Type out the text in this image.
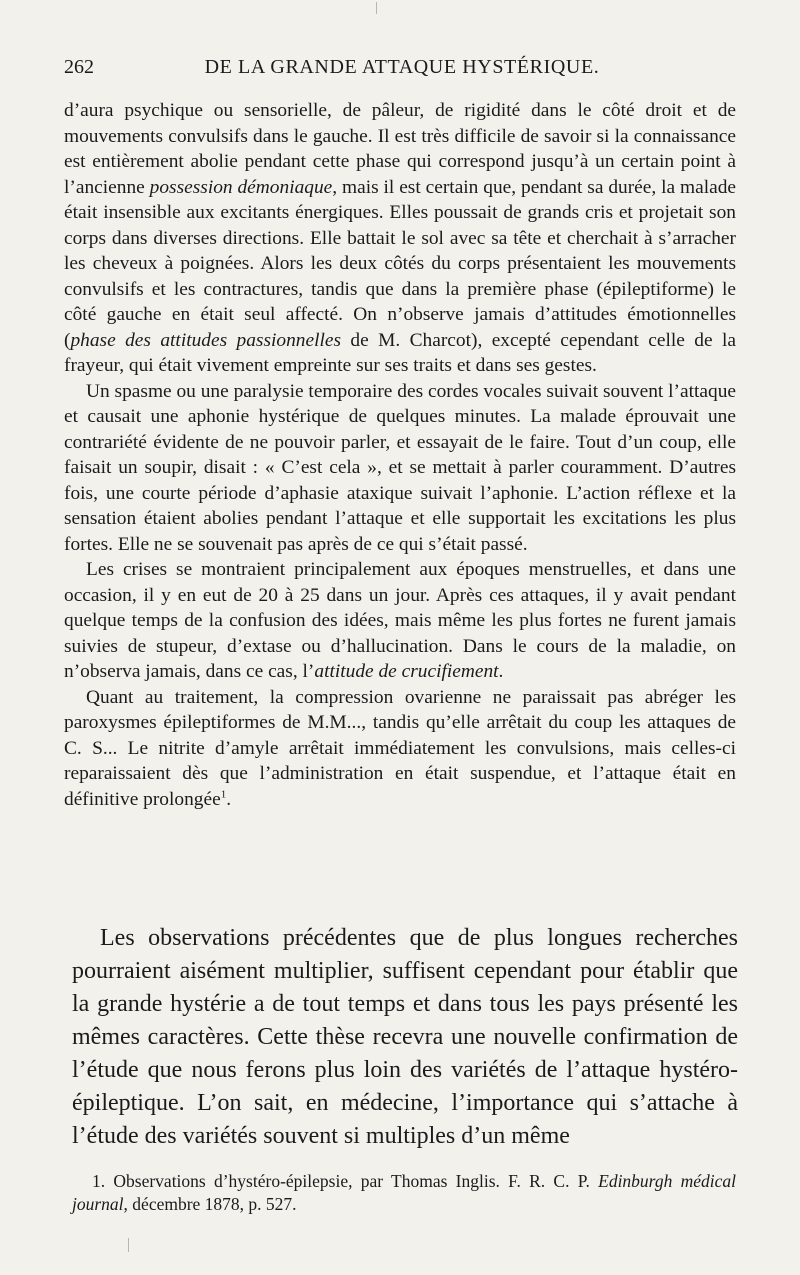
262	DE LA GRANDE ATTAQUE HYSTÉRIQUE.

d’aura psychique ou sensorielle, de pâleur, de rigidité dans le côté droit et de mouvements convulsifs dans le gauche. Il est très difficile de savoir si la connaissance est entièrement abolie pendant cette phase qui correspond jusqu’à un certain point à l’ancienne possession démoniaque, mais il est certain que, pendant sa durée, la malade était insensible aux excitants énergiques. Elles poussait de grands cris et projetait son corps dans diverses directions. Elle battait le sol avec sa tête et cherchait à s’arracher les cheveux à poignées. Alors les deux côtés du corps présentaient les mouvements convulsifs et les contractures, tandis que dans la première phase (épileptiforme) le côté gauche en était seul affecté. On n’observe jamais d’attitudes émotionnelles (phase des attitudes passionnelles de M. Charcot), excepté cependant celle de la frayeur, qui était vivement empreinte sur ses traits et dans ses gestes.

Un spasme ou une paralysie temporaire des cordes vocales suivait souvent l’attaque et causait une aphonie hystérique de quelques minutes. La malade éprouvait une contrariété évidente de ne pouvoir parler, et essayait de le faire. Tout d’un coup, elle faisait un soupir, disait : « C’est cela », et se mettait à parler couramment. D’autres fois, une courte période d’aphasie ataxique suivait l’aphonie. L’action réflexe et la sensation étaient abolies pendant l’attaque et elle supportait les excitations les plus fortes. Elle ne se souvenait pas après de ce qui s’était passé.

Les crises se montraient principalement aux époques menstruelles, et dans une occasion, il y en eut de 20 à 25 dans un jour. Après ces attaques, il y avait pendant quelque temps de la confusion des idées, mais même les plus fortes ne furent jamais suivies de stupeur, d’extase ou d’hallucination. Dans le cours de la maladie, on n’observa jamais, dans ce cas, l’attitude de crucifiement.

Quant au traitement, la compression ovarienne ne paraissait pas abréger les paroxysmes épileptiformes de M.M..., tandis qu’elle arrêtait du coup les attaques de C. S... Le nitrite d’amyle arrêtait immédiatement les convulsions, mais celles-ci reparaissaient dès que l’administration en était suspendue, et l’attaque était en définitive prolongée$^1$.

Les observations précédentes que de plus longues recherches pourraient aisément multiplier, suffisent cependant pour établir que la grande hystérie a de tout temps et dans tous les pays présenté les mêmes caractères. Cette thèse recevra une nouvelle confirmation de l’étude que nous ferons plus loin des variétés de l’attaque hystéro-épileptique. L’on sait, en médecine, l’importance qui s’attache à l’étude des variétés souvent si multiples d’un même

1. Observations d’hystéro-épilepsie, par Thomas Inglis. F. R. C. P. Edinburgh médical journal, décembre 1878, p. 527.
